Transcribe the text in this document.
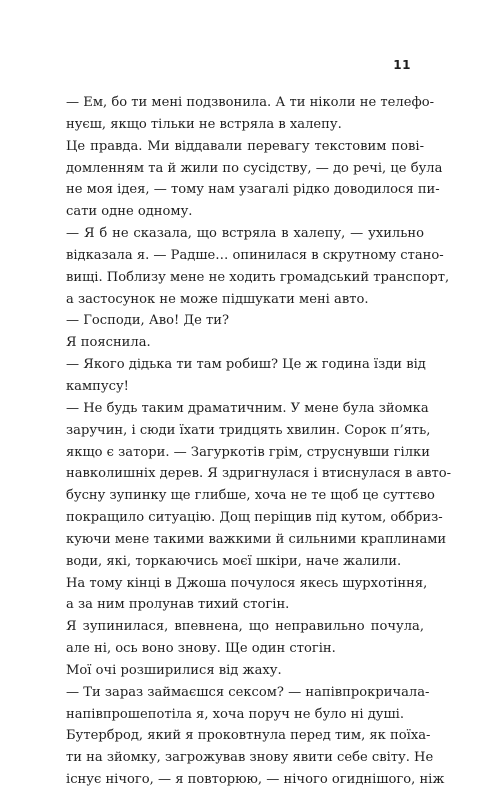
11
— Ем, бо ти мені подзвонила. А ти ніколи не телефо-
нуєш, якщо тільки не встряла в халепу.
Це правда. Ми віддавали перевагу текстовим пові-
домленням та й жили по сусідству, — до речі, це була
не моя ідея, — тому нам узагалі рідко доводилося пи-
сати одне одному.
— Я б не сказала, що встряла в халепу, — ухильно
відказала я. — Радше… опинилася в скрутному стано-
вищі. Поблизу мене не ходить громадський транспорт,
а застосунок не може підшукати мені авто.
— Господи, Аво! Де ти?
Я пояснила.
— Якого дідька ти там робиш? Це ж година їзди від
кампусу!
— Не будь таким драматичним. У мене була зйомка
заручин, і сюди їхати тридцять хвилин. Сорок п’ять,
якщо є затори. — Загуркотів грім, струснувши гілки
навколишніх дерев. Я здригнулася і втиснулася в авто-
бусну зупинку ще глибше, хоча не те щоб це суттєво
покращило ситуацію. Дощ періщив під кутом, оббриз-
куючи мене такими важкими й сильними краплинами
води, які, торкаючись моєї шкіри, наче жалили.
На тому кінці в Джоша почулося якесь шурхотіння,
а за ним пролунав тихий стогін.
Я зупинилася, впевнена, що неправильно почула,
але ні, ось воно знову. Ще один стогін.
Мої очі розширилися від жаху.
— Ти зараз займаєшся сексом? — напівпрокричала-
напівпрошепотіла я, хоча поруч не було ні душі.
Бутерброд, який я проковтнула перед тим, як поїха-
ти на зйомку, загрожував знову явити себе світу. Не
існує нічого, — я повторюю, — нічого огиднішого, ніж
